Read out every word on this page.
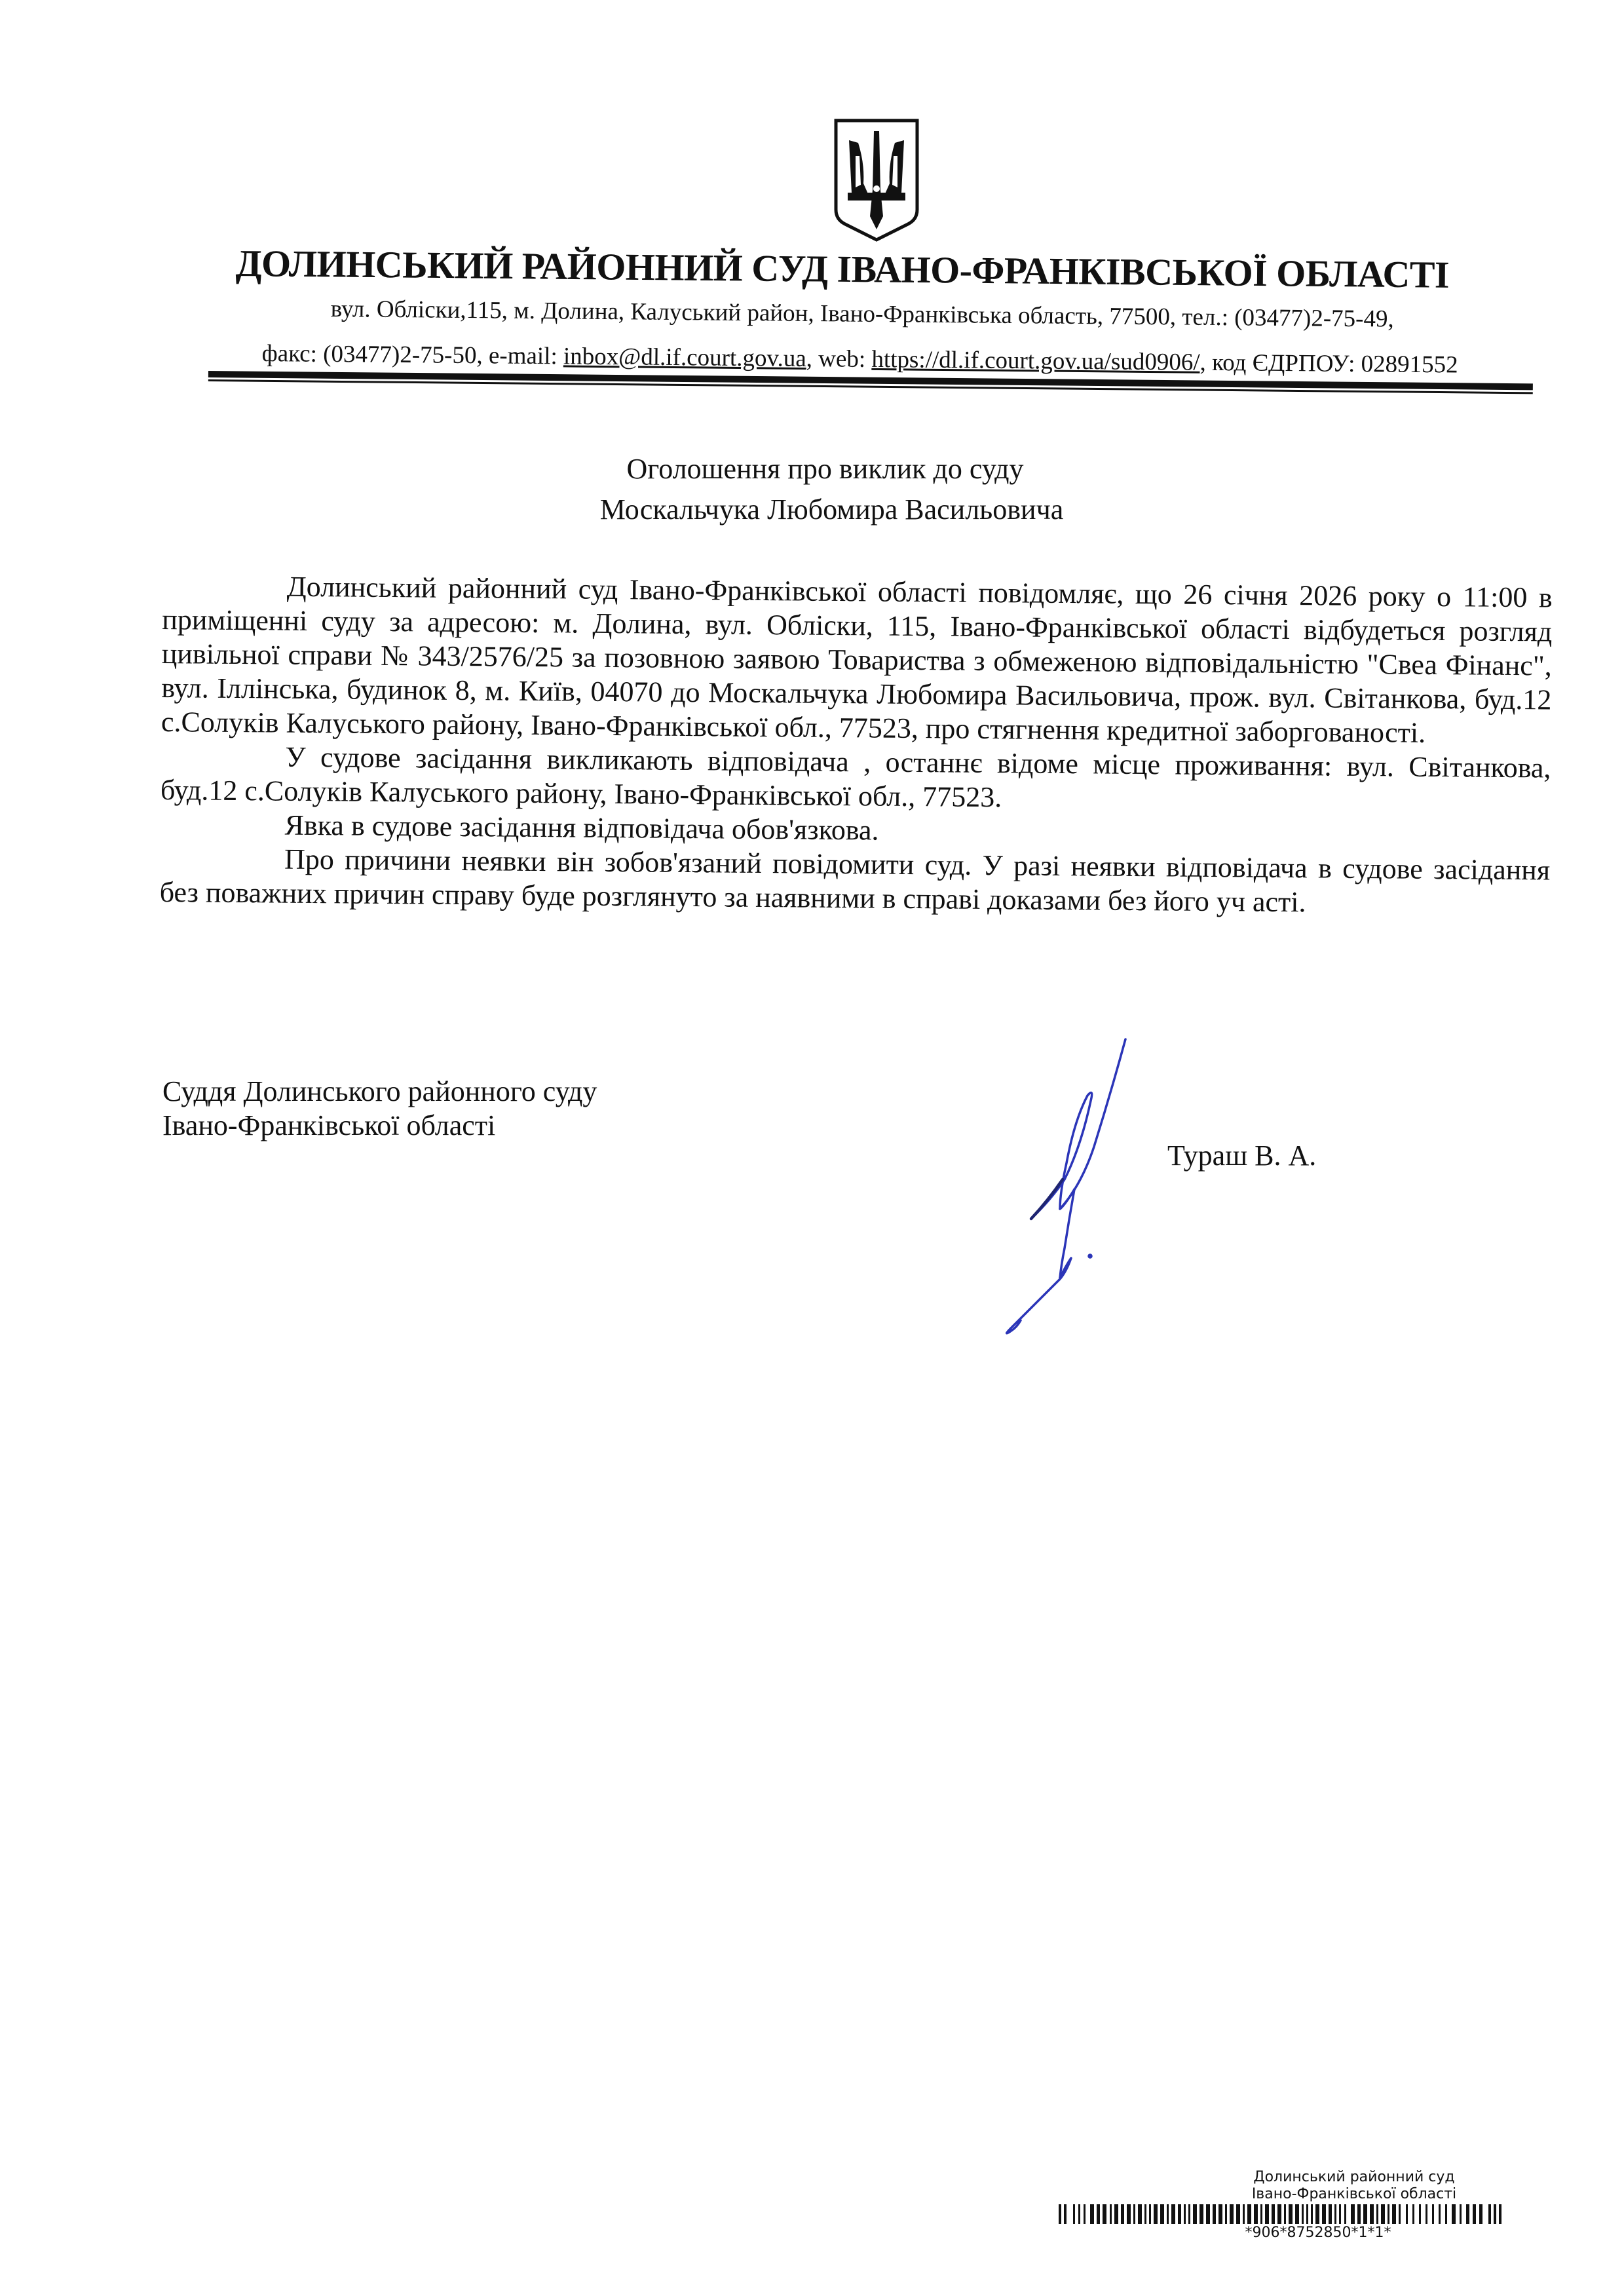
ДОЛИНСЬКИЙ РАЙОННИЙ СУД ІВАНО-ФРАНКІВСЬКОЇ ОБЛАСТІ
вул. Облiски,115, м. Долина, Калуський район, Iвано-Франкiвська область, 77500, тел.: (03477)2-75-49,
факс: (03477)2-75-50, e-mail: inbox@dl.if.court.gov.ua, web: https://dl.if.court.gov.ua/sud0906/, код ЄДРПОУ: 02891552
Оголошення про виклик до суду
Москальчука Любомира Васильовича

Долинський районний суд Івано-Франківської області повідомляє, що 26 січня 2026 року о 11:00 в приміщенні суду за адресою: м. Долина, вул. Обліски, 115, Івано-Франківської області відбудеться розгляд цивільної справи № 343/2576/25 за позовною заявою Товариства з обмеженою відповідальністю "Свеа Фінанс", вул. Іллінська, будинок 8, м. Київ, 04070 до Москальчука Любомира Васильовича, прож. вул. Світанкова, буд.12 с.Солуків Калуського району, Івано-Франківської обл., 77523, про стягнення кредитної заборгованості.

У судове засідання викликають відповідача , останнє відоме місце проживання: вул. Світанкова, буд.12 с.Солуків Калуського району, Івано-Франківської обл., 77523.

Явка в судове засідання відповідача обов'язкова.

Про причини неявки він зобов'язаний повідомити суд. У разі неявки відповідача в судове засідання без поважних причин справу буде розглянуто за наявними в справі доказами без його уч асті.

Суддя Долинського районного суду
Івано-Франківської області
Тураш В. А.
Долинський районний суд
Івано-Франківської області
*906*8752850*1*1*
